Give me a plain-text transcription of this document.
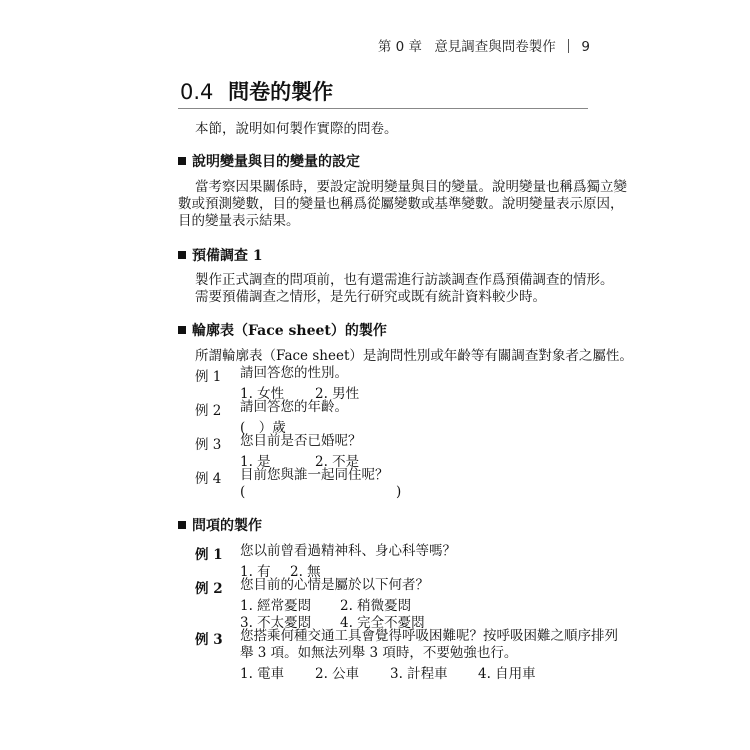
第 0 章 意見調查與問卷製作 9
0.4 問卷的製作
本節，說明如何製作實際的問卷。
說明變量與目的變量的設定
當考察因果關係時，要設定說明變量與目的變量。說明變量也稱爲獨立變
數或預測變數，目的變量也稱爲從屬變數或基準變數。說明變量表示原因，
目的變量表示結果。
預備調查 1
製作正式調查的問項前，也有還需進行訪談調查作爲預備調查的情形。
需要預備調查之情形，是先行研究或既有統計資料較少時。
輪廓表（Face sheet）的製作
所謂輪廓表（Face sheet）是詢問性別或年齡等有關調查對象者之屬性。
例 1 請回答您的性別。
1. 女性 2. 男性
例 2 請回答您的年齡。
(　）歲
例 3 您目前是否已婚呢？
1. 是	2. 不是
例 4 目前您與誰一起同住呢？
(	)
問項的製作
例 1 您以前曾看過精神科、身心科等嗎？
1. 有 2. 無
例 2 您目前的心情是屬於以下何者？
1. 經常憂悶 2. 稍微憂悶
3. 不太憂悶 4. 完全不憂悶
例 3 您搭乘何種交通工具會覺得呼吸困難呢？按呼吸困難之順序排列
舉 3 項。如無法列舉 3 項時，不要勉強也行。
1. 電車 2. 公車 3. 計程車 4. 自用車
